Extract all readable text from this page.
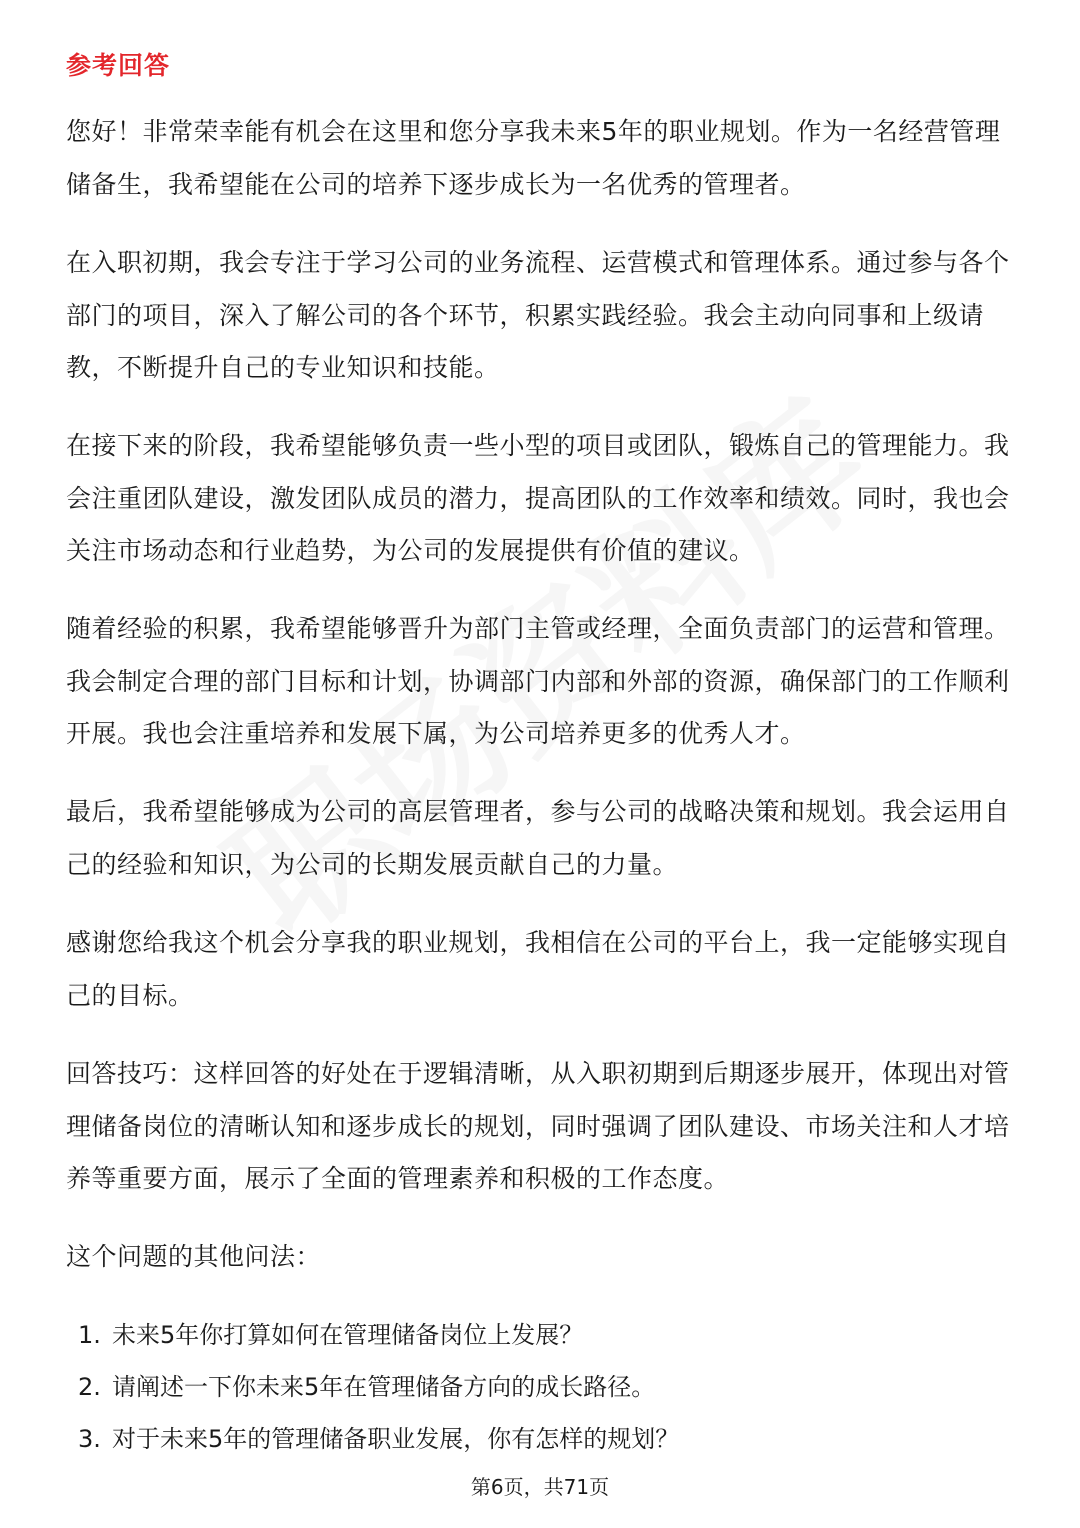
参考回答

您好！非常荣幸能有机会在这里和您分享我未来5年的职业规划。作为一名经营管理储备生，我希望能在公司的培养下逐步成长为一名优秀的管理者。

在入职初期，我会专注于学习公司的业务流程、运营模式和管理体系。通过参与各个部门的项目，深入了解公司的各个环节，积累实践经验。我会主动向同事和上级请教，不断提升自己的专业知识和技能。

在接下来的阶段，我希望能够负责一些小型的项目或团队，锻炼自己的管理能力。我会注重团队建设，激发团队成员的潜力，提高团队的工作效率和绩效。同时，我也会关注市场动态和行业趋势，为公司的发展提供有价值的建议。

随着经验的积累，我希望能够晋升为部门主管或经理，全面负责部门的运营和管理。我会制定合理的部门目标和计划，协调部门内部和外部的资源，确保部门的工作顺利开展。我也会注重培养和发展下属，为公司培养更多的优秀人才。

最后，我希望能够成为公司的高层管理者，参与公司的战略决策和规划。我会运用自己的经验和知识，为公司的长期发展贡献自己的力量。

感谢您给我这个机会分享我的职业规划，我相信在公司的平台上，我一定能够实现自己的目标。

回答技巧：这样回答的好处在于逻辑清晰，从入职初期到后期逐步展开，体现出对管理储备岗位的清晰认知和逐步成长的规划，同时强调了团队建设、市场关注和人才培养等重要方面，展示了全面的管理素养和积极的工作态度。

这个问题的其他问法：

1. 未来5年你打算如何在管理储备岗位上发展？
2. 请阐述一下你未来5年在管理储备方向的成长路径。
3. 对于未来5年的管理储备职业发展，你有怎样的规划？
第6页，共71页
